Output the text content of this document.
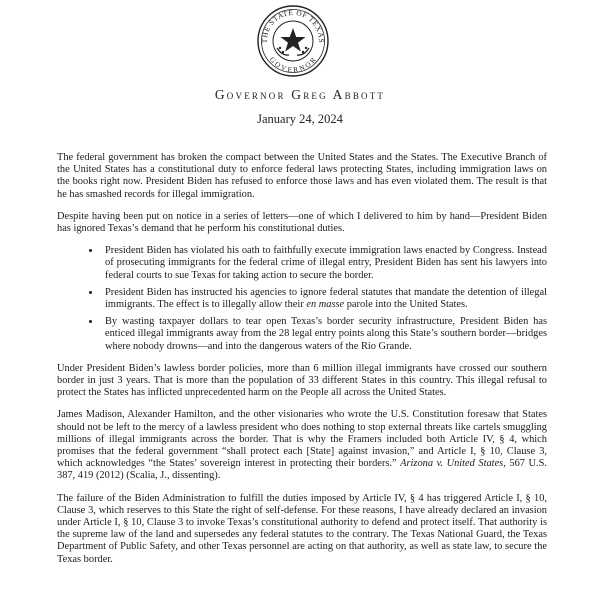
THE STATE OF TEXAS
GOVERNOR
Governor Greg Abbott
January 24, 2024

The federal government has broken the compact between the United States and the States. The Executive Branch of the United States has a constitutional duty to enforce federal laws protecting States, including immigration laws on the books right now. President Biden has refused to enforce those laws and has even violated them. The result is that he has smashed records for illegal immigration.

Despite having been put on notice in a series of letters—one of which I delivered to him by hand—President Biden has ignored Texas’s demand that he perform his constitutional duties.

• President Biden has violated his oath to faithfully execute immigration laws enacted by Congress. Instead of prosecuting immigrants for the federal crime of illegal entry, President Biden has sent his lawyers into federal courts to sue Texas for taking action to secure the border.
• President Biden has instructed his agencies to ignore federal statutes that mandate the detention of illegal immigrants. The effect is to illegally allow their en masse parole into the United States.
• By wasting taxpayer dollars to tear open Texas’s border security infrastructure, President Biden has enticed illegal immigrants away from the 28 legal entry points along this State’s southern border—bridges where nobody drowns—and into the dangerous waters of the Rio Grande.

Under President Biden’s lawless border policies, more than 6 million illegal immigrants have crossed our southern border in just 3 years. That is more than the population of 33 different States in this country. This illegal refusal to protect the States has inflicted unprecedented harm on the People all across the United States.

James Madison, Alexander Hamilton, and the other visionaries who wrote the U.S. Constitution foresaw that States should not be left to the mercy of a lawless president who does nothing to stop external threats like cartels smuggling millions of illegal immigrants across the border. That is why the Framers included both Article IV, § 4, which promises that the federal government “shall protect each [State] against invasion,” and Article I, § 10, Clause 3, which acknowledges “the States’ sovereign interest in protecting their borders.” Arizona v. United States, 567 U.S. 387, 419 (2012) (Scalia, J., dissenting).

The failure of the Biden Administration to fulfill the duties imposed by Article IV, § 4 has triggered Article I, § 10, Clause 3, which reserves to this State the right of self-defense. For these reasons, I have already declared an invasion under Article I, § 10, Clause 3 to invoke Texas’s constitutional authority to defend and protect itself. That authority is the supreme law of the land and supersedes any federal statutes to the contrary. The Texas National Guard, the Texas Department of Public Safety, and other Texas personnel are acting on that authority, as well as state law, to secure the Texas border.
